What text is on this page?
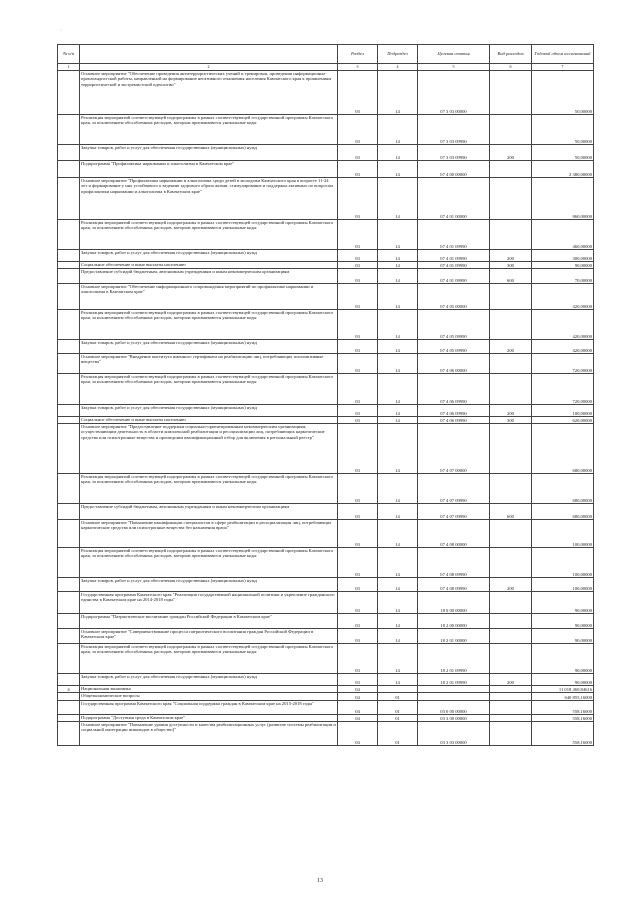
·
№ п/п		Раздел	Подраздел	Целевая статья	Вид расходов	Годовой объем ассигнований
1	2	3	4	5	6	7
	Основное мероприятие "Обеспечение проведения антитеррористических учений и тренировок, проведения информационно-пропагандистской работы, направленной на формирование негативного отношения населения Камчатского края к проявлениям террористической и экстремистской идеологии"	03	14	07 3 03 00000		50,00000
	Реализация мероприятий соответствующей подпрограммы в рамках соответствующей государственной программы Камчатского края, за исключением обособленных расходов, которым присваиваются уникальные коды	03	14	07 3 03 09990		50,00000
	Закупка товаров, работ и услуг для обеспечения государственных (муниципальных) нужд	03	14	07 3 03 09990	200	50,00000
	Подпрограмма "Профилактика наркомании и алкоголизма в Камчатском крае"	03	14	07 4 00 00000		2 380,00000
	Основное мероприятие "Профилактика наркомании и алкоголизма среди детей и молодежи Камчатского края в возрасте 11-24 лет и формирование у них устойчивого к ведению здорового образа жизни, стимулирование и поддержка активных по вопросам профилактики наркомании и алкоголизма в Камчатском крае"	03	14	07 4 01 00000		860,00000
	Реализация мероприятий соответствующей подпрограммы в рамках соответствующей государственной программы Камчатского края, за исключением обособленных расходов, которым присваиваются уникальные коды	03	14	07 4 01 09990		460,00000
	Закупка товаров, работ и услуг для обеспечения государственных (муниципальных) нужд	03	14	07 4 01 09990	200	300,00000
	Социальное обеспечение и иные выплаты населению	03	14	07 4 01 09990	300	90,00000
	Предоставление субсидий бюджетным, автономным учреждениям и иным некоммерческим организациям	03	14	07 4 01 09990	600	70,00000
	Основное мероприятие "Обеспечение информационного сопровождения мероприятий по профилактике наркомании и алкоголизма в Камчатском крае"	03	14	07 4 05 00000		420,00000
	Реализация мероприятий соответствующей подпрограммы в рамках соответствующей государственной программы Камчатского края, за исключением обособленных расходов, которым присваиваются уникальные коды	03	14	07 4 05 09990		420,00000
	Закупка товаров, работ и услуг для обеспечения государственных (муниципальных) нужд	03	14	07 4 05 09990	200	420,00000
	Основное мероприятие "Внедрение института именного сертификата на реабилитацию лиц, потребляющих психоактивные вещества"	03	14	07 4 06 00000		720,00000
	Реализация мероприятий соответствующей подпрограммы в рамках соответствующей государственной программы Камчатского края, за исключением обособленных расходов, которым присваиваются уникальные коды	03	14	07 4 06 09990		720,00000
	Закупка товаров, работ и услуг для обеспечения государственных (муниципальных) нужд	03	14	07 4 06 09990	200	100,00000
	Социальное обеспечение и иные выплаты населению	03	14	07 4 06 09990	300	620,00000
	Основное мероприятие "Предоставление поддержки социально-ориентированным некоммерческим организациям, осуществляющим деятельность в области комплексной реабилитации и ресоциализации лиц, потребляющих наркотические средства или психотропные вещества и прошедшим квалификационный отбор для включения в региональный реестр"	03	14	07 4 07 00000		680,00000
	Реализация мероприятий соответствующей подпрограммы в рамках соответствующей государственной программы Камчатского края, за исключением обособленных расходов, которым присваиваются уникальные коды	03	14	07 4 07 09990		680,00000
	Предоставление субсидий бюджетным, автономным учреждениям и иным некоммерческим организациям	03	14	07 4 07 09990	600	680,00000
	Основное мероприятие "Повышение квалификации специалистов в сфере реабилитации и ресоциализации лиц, потребляющих наркотические средства или психотропные вещества без назначения врача"	03	14	07 4 08 00000		100,00000
	Реализация мероприятий соответствующей подпрограммы в рамках соответствующей государственной программы Камчатского края, за исключением обособленных расходов, которым присваиваются уникальные коды	03	14	07 4 08 09990		100,00000
	Закупка товаров, работ и услуг для обеспечения государственных (муниципальных) нужд	03	14	07 4 08 09990	200	100,00000
	Государственная программа Камчатского края "Реализация государственной национальной политики и укрепление гражданского единства в Камчатском крае на 2014-2018 годы"	03	14	18 0 00 00000		90,00000
	Подпрограмма "Патриотическое воспитание граждан Российской Федерации в Камчатском крае"	03	14	18 2 00 00000		90,00000
	Основное мероприятие "Совершенствование процесса патриотического воспитания граждан Российской Федерации в Камчатском крае"	03	14	18 2 01 00000		90,00000
	Реализация мероприятий соответствующей подпрограммы в рамках соответствующей государственной программы Камчатского края, за исключением обособленных расходов, которым присваиваются уникальные коды	03	14	18 2 01 09990		90,00000
	Закупка товаров, работ и услуг для обеспечения государственных (муниципальных) нужд	03	14	18 2 01 09990	200	90,00000
4	Национальная экономика	04				11 018 469,84616
	Общеэкономические вопросы	04	01			640 855,16000
	Государственная программа Камчатского края "Социальная поддержка граждан в Камчатском крае на 2015-2018 годы"	04	01	03 0 00 00000		558,16000
	Подпрограмма "Доступная среда в Камчатском крае"	04	01	03 3 00 00000		558,16000
	Основное мероприятие "Повышение уровня доступности и качества реабилитационных услуг (развитие системы реабилитации и социальной интеграции инвалидов в общество)"	04	01	03 3 03 00000		558,16000
13
